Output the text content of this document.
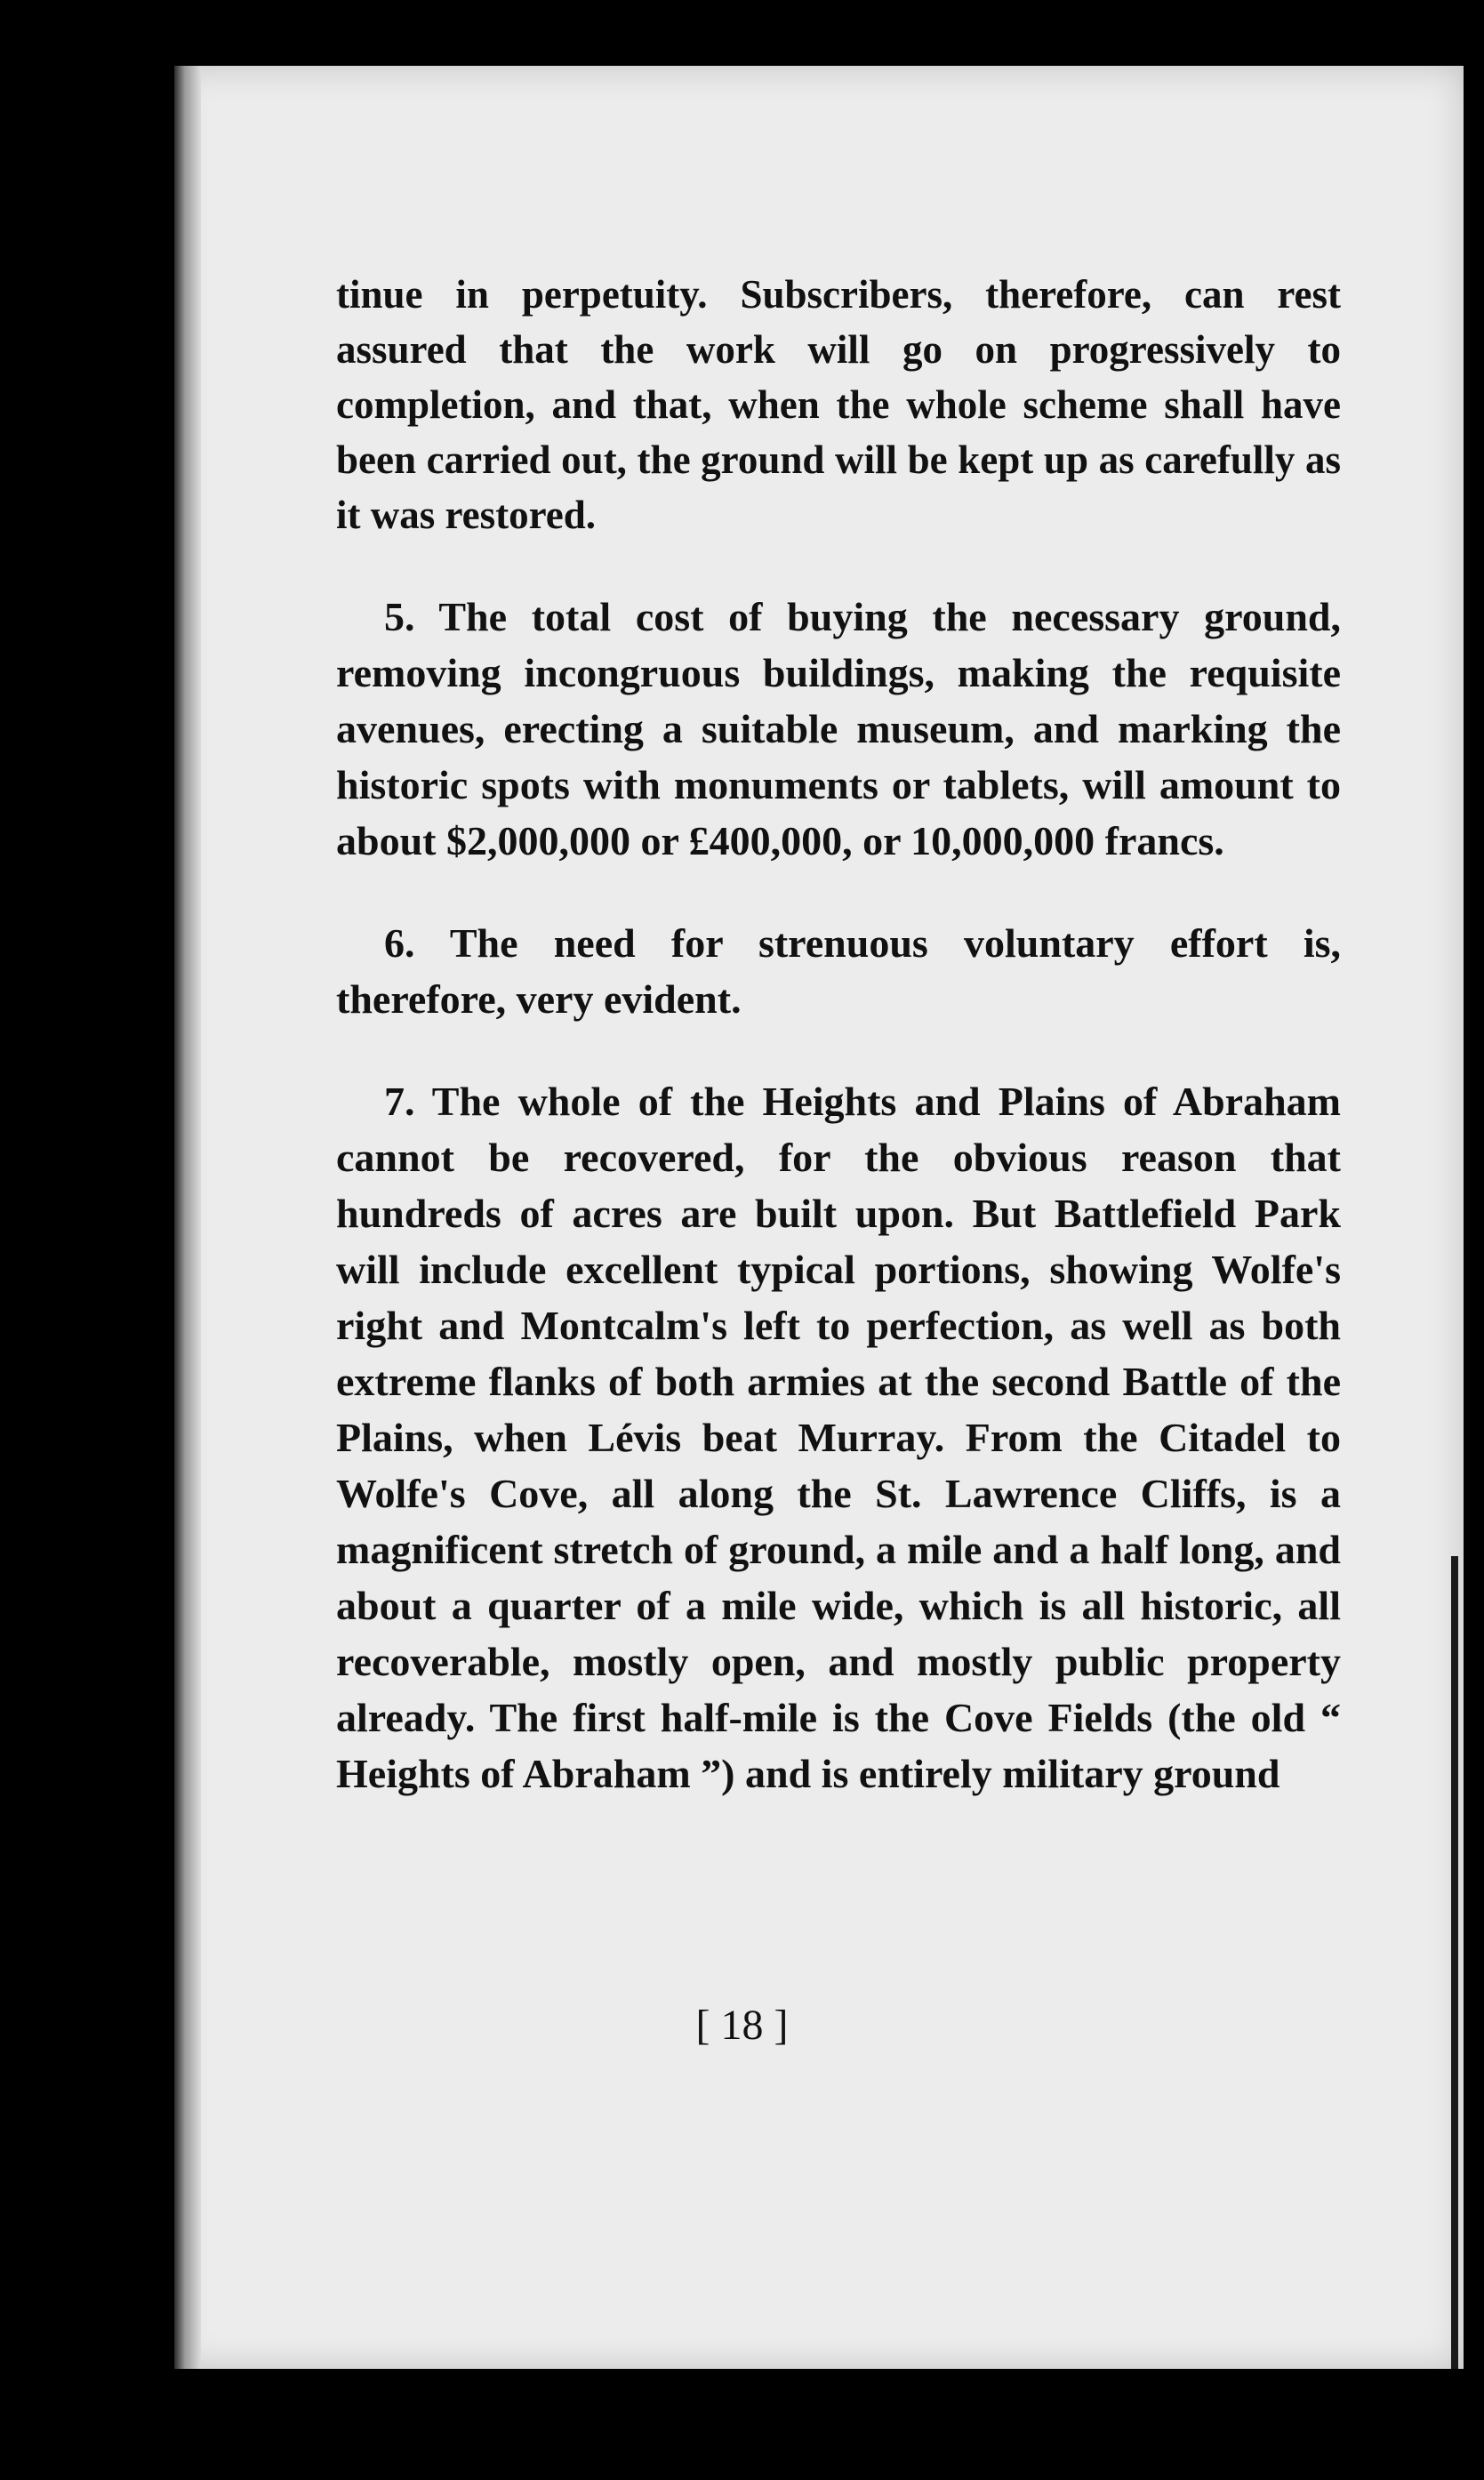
tinue in perpetuity. Subscribers, therefore, can rest assured that the work will go on progressively to completion, and that, when the whole scheme shall have been carried out, the ground will be kept up as carefully as it was restored.

5. The total cost of buying the necessary ground, removing incongruous buildings, making the requisite avenues, erecting a suitable museum, and marking the historic spots with monuments or tablets, will amount to about $2,000,000 or £400,000, or 10,000,000 francs.

6. The need for strenuous voluntary effort is, therefore, very evident.

7. The whole of the Heights and Plains of Abraham cannot be recovered, for the obvious reason that hundreds of acres are built upon. But Battlefield Park will include excellent typical portions, showing Wolfe's right and Montcalm's left to perfection, as well as both extreme flanks of both armies at the second Battle of the Plains, when Lévis beat Murray. From the Citadel to Wolfe's Cove, all along the St. Lawrence Cliffs, is a magnificent stretch of ground, a mile and a half long, and about a quarter of a mile wide, which is all historic, all recoverable, mostly open, and mostly public property already. The first half-mile is the Cove Fields (the old “ Heights of Abraham ”) and is entirely military ground

[ 18 ]
